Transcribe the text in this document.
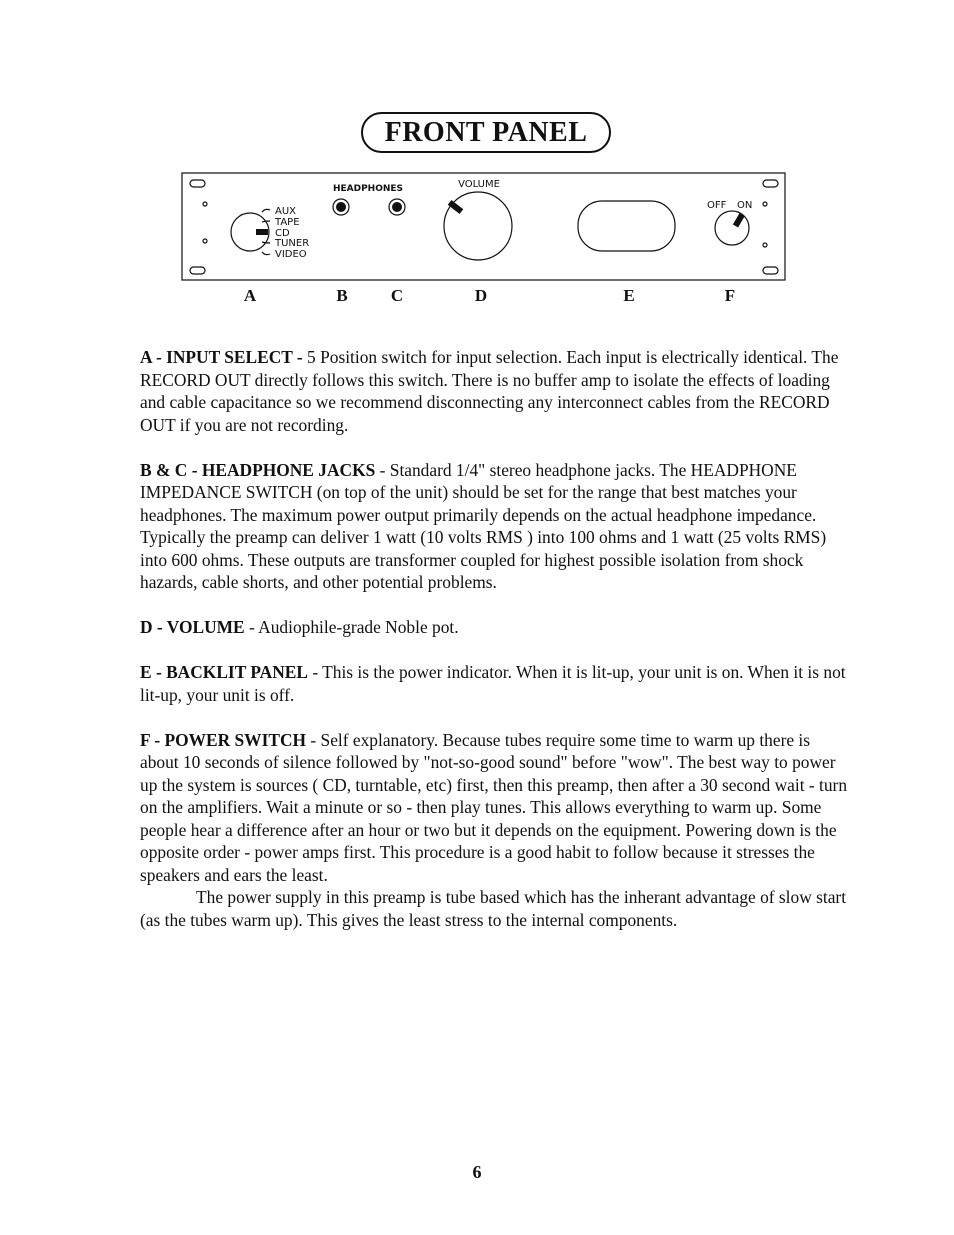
FRONT PANEL
HEADPHONES	VOLUME
AUX
TAPE
CD
TUNER
VIDEO
OFF ON
A	B	C	D	E	F

A - INPUT SELECT - 5 Position switch for input selection. Each input is electrically identical. The RECORD OUT directly follows this switch. There is no buffer amp to isolate the effects of loading and cable capacitance so we recommend disconnecting any interconnect cables from the RECORD OUT if you are not recording.

B & C - HEADPHONE JACKS - Standard 1/4" stereo headphone jacks. The HEADPHONE IMPEDANCE SWITCH (on top of the unit) should be set for the range that best matches your headphones. The maximum power output primarily depends on the actual headphone impedance. Typically the preamp can deliver 1 watt (10 volts RMS ) into 100 ohms and 1 watt (25 volts RMS) into 600 ohms. These outputs are transformer coupled for highest possible isolation from shock hazards, cable shorts, and other potential problems.

D - VOLUME - Audiophile-grade Noble pot.

E - BACKLIT PANEL - This is the power indicator. When it is lit-up, your unit is on. When it is not lit-up, your unit is off.

F - POWER SWITCH - Self explanatory. Because tubes require some time to warm up there is about 10 seconds of silence followed by "not-so-good sound" before "wow". The best way to power up the system is sources ( CD, turntable, etc) first, then this preamp, then after a 30 second wait - turn on the amplifiers. Wait a minute or so - then play tunes. This allows everything to warm up. Some people hear a difference after an hour or two but it depends on the equipment. Powering down is the opposite order - power amps first. This procedure is a good habit to follow because it stresses the speakers and ears the least.

The power supply in this preamp is tube based which has the inherant advantage of slow start (as the tubes warm up). This gives the least stress to the internal components.

6
